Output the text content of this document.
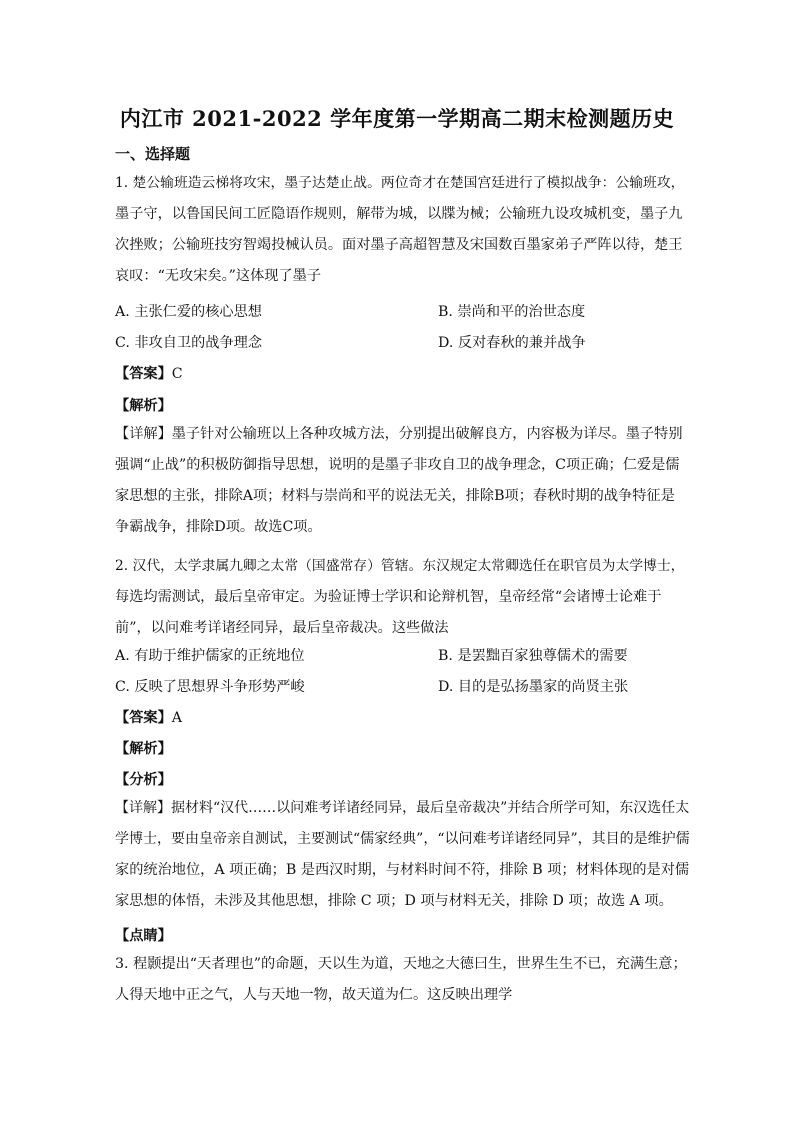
内江市 2021-2022 学年度第一学期高二期末检测题历史
一、选择题
1. 楚公输班造云梯将攻宋，墨子达楚止战。两位奇才在楚国宫廷进行了模拟战争：公输班攻，
墨子守，以鲁国民间工匠隐语作规则，解带为城，以牒为械；公输班九设攻城机变，墨子九
次挫败；公输班技穷智竭投械认员。面对墨子高超智慧及宋国数百墨家弟子严阵以待，楚王
哀叹：“无攻宋矣。”这体现了墨子
A. 主张仁爱的核心思想	B. 崇尚和平的治世态度
C. 非攻自卫的战争理念	D. 反对春秋的兼并战争
【答案】C
【解析】
【详解】墨子针对公输班以上各种攻城方法，分别提出破解良方，内容极为详尽。墨子特别
强调“止战”的积极防御指导思想，说明的是墨子非攻自卫的战争理念，C项正确；仁爱是儒
家思想的主张，排除A项；材料与崇尚和平的说法无关，排除B项；春秋时期的战争特征是
争霸战争，排除D项。故选C项。
2. 汉代，太学隶属九卿之太常（国盛常存）管辖。东汉规定太常卿选任在职官员为太学博士，
每选均需测试，最后皇帝审定。为验证博士学识和论辩机智，皇帝经常“会诸博士论难于
前”，以问难考详诸经同异，最后皇帝裁决。这些做法
A. 有助于维护儒家的正统地位	B. 是罢黜百家独尊儒术的需要
C. 反映了思想界斗争形势严峻	D. 目的是弘扬墨家的尚贤主张
【答案】A
【解析】
【分析】
【详解】据材料“汉代……以问难考详诸经同异，最后皇帝裁决”并结合所学可知，东汉选任太
学博士，要由皇帝亲自测试，主要测试“儒家经典”，“以问难考详诸经同异”，其目的是维护儒
家的统治地位，A 项正确；B 是西汉时期，与材料时间不符，排除 B 项；材料体现的是对儒
家思想的体悟，未涉及其他思想，排除 C 项；D 项与材料无关，排除 D 项；故选 A 项。
【点睛】
3. 程颢提出“天者理也”的命题，天以生为道，天地之大德曰生，世界生生不已，充满生意；
人得天地中正之气，人与天地一物，故天道为仁。这反映出理学
